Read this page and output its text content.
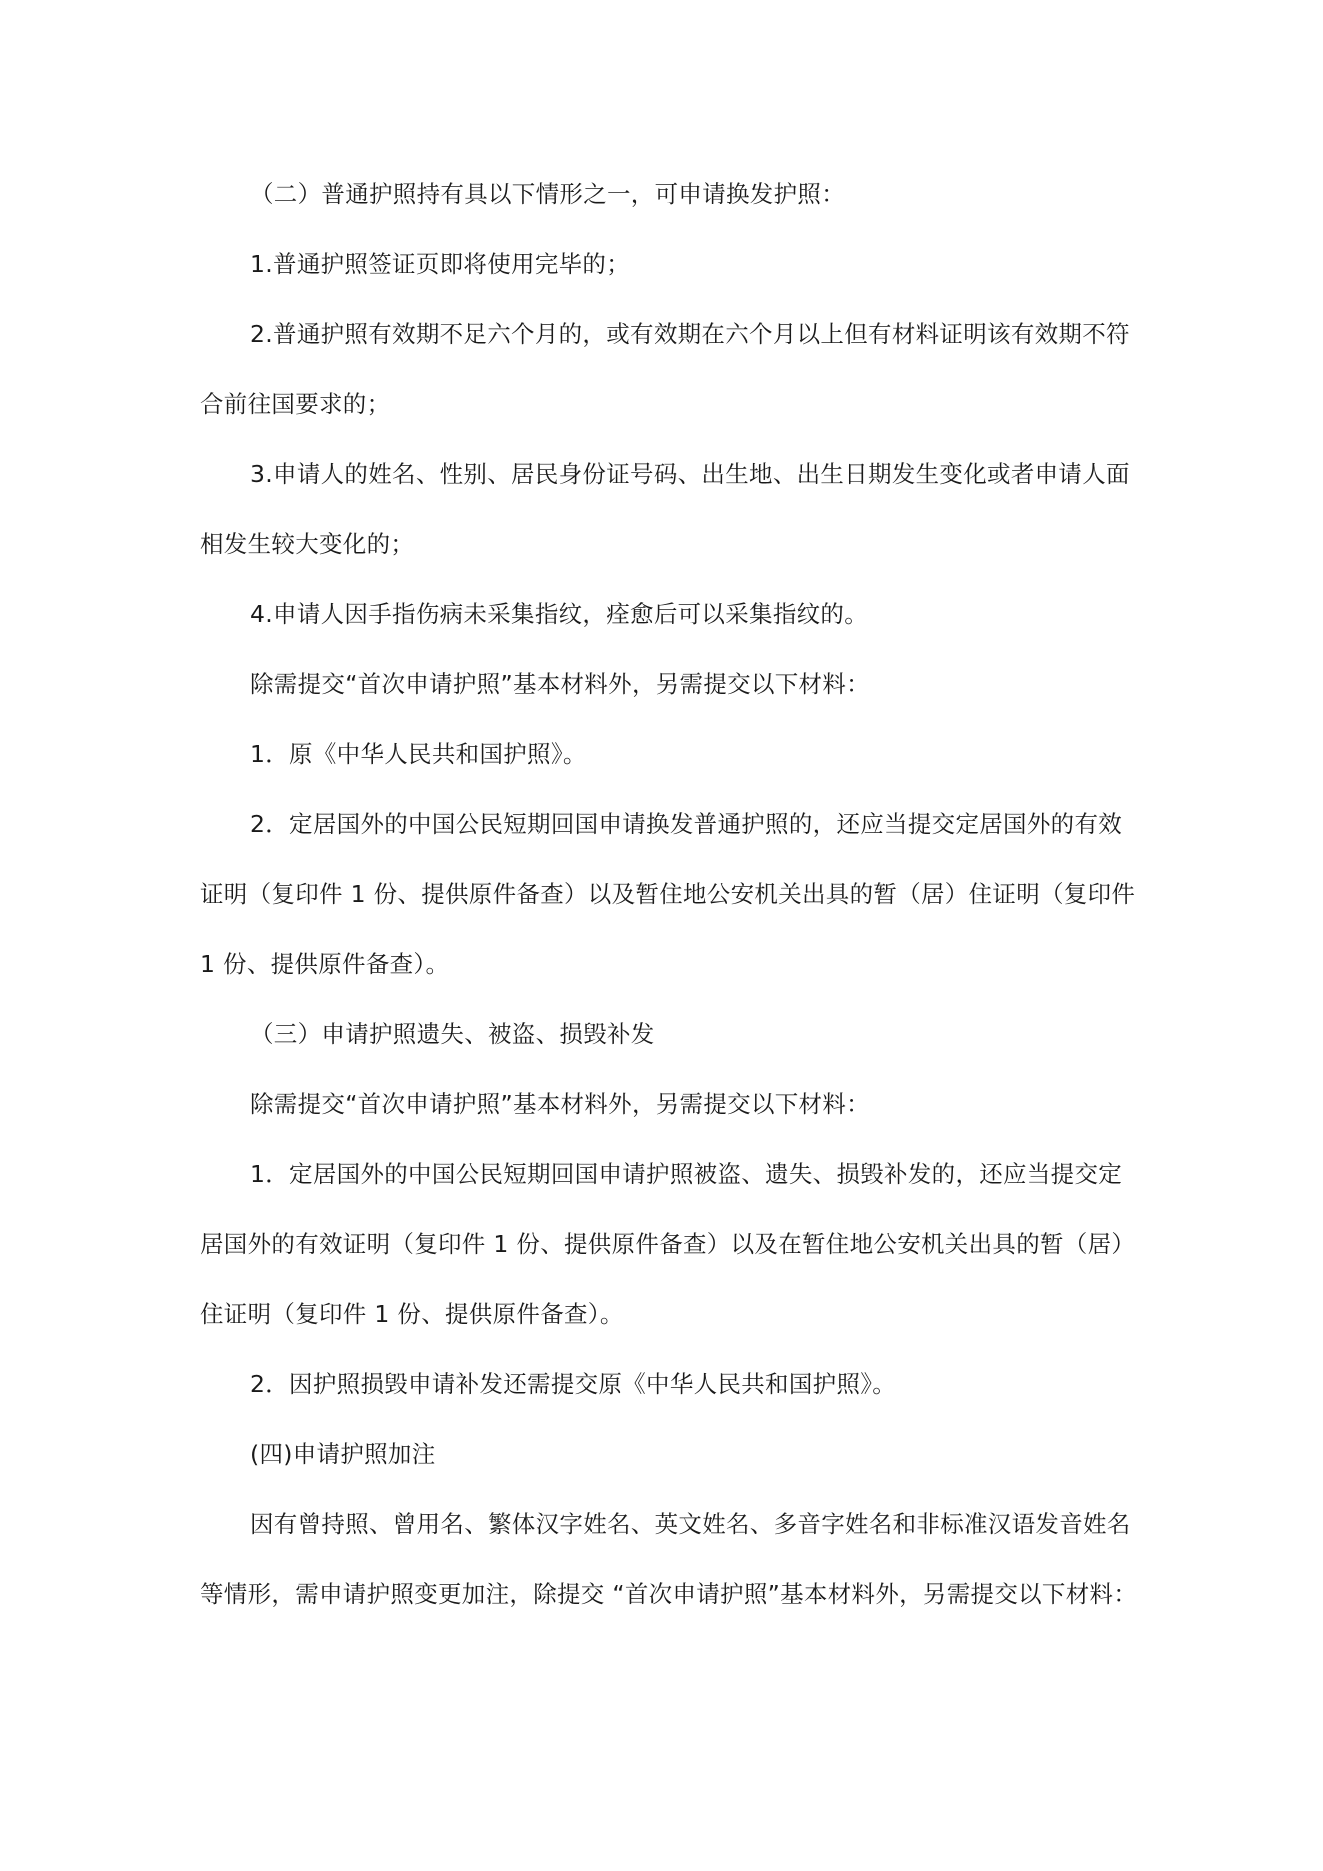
（二）普通护照持有具以下情形之一，可申请换发护照：
1.普通护照签证页即将使用完毕的；
2.普通护照有效期不足六个月的，或有效期在六个月以上但有材料证明该有效期不符
合前往国要求的；
3.申请人的姓名、性别、居民身份证号码、出生地、出生日期发生变化或者申请人面
相发生较大变化的；
4.申请人因手指伤病未采集指纹，痊愈后可以采集指纹的。
除需提交“首次申请护照”基本材料外，另需提交以下材料：
1．原《中华人民共和国护照》。
2．定居国外的中国公民短期回国申请换发普通护照的，还应当提交定居国外的有效
证明（复印件 1 份、提供原件备查）以及暂住地公安机关出具的暂（居）住证明（复印件
1 份、提供原件备查）。
（三）申请护照遗失、被盗、损毁补发
除需提交“首次申请护照”基本材料外，另需提交以下材料：
1．定居国外的中国公民短期回国申请护照被盗、遗失、损毁补发的，还应当提交定
居国外的有效证明（复印件 1 份、提供原件备查）以及在暂住地公安机关出具的暂（居）
住证明（复印件 1 份、提供原件备查）。
2．因护照损毁申请补发还需提交原《中华人民共和国护照》。
(四)申请护照加注
因有曾持照、曾用名、繁体汉字姓名、英文姓名、多音字姓名和非标准汉语发音姓名
等情形，需申请护照变更加注，除提交 “首次申请护照”基本材料外，另需提交以下材料：
